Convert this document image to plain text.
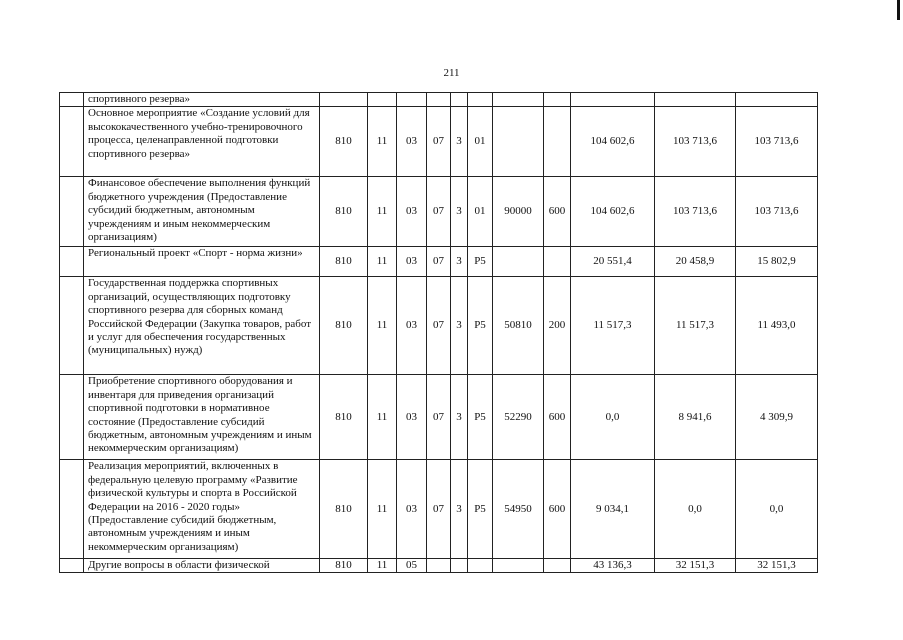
211
	спортивного резерва»											
	Основное мероприятие «Создание условий для высококачественного учебно-тренировочного процесса, целенаправленной подготовки спортивного резерва»	810	11	03	07	3	01			104 602,6	103 713,6	103 713,6
	Финансовое обеспечение выполнения функций бюджетного учреждения (Предоставление субсидий бюджетным, автономным учреждениям и иным некоммерческим организациям)	810	11	03	07	3	01	90000	600	104 602,6	103 713,6	103 713,6
	Региональный проект «Спорт - норма жизни»	810	11	03	07	3	P5			20 551,4	20 458,9	15 802,9
	Государственная поддержка спортивных организаций, осуществляющих подготовку спортивного резерва для сборных команд Российской Федерации (Закупка товаров, работ и услуг для обеспечения государственных (муниципальных) нужд)	810	11	03	07	3	P5	50810	200	11 517,3	11 517,3	11 493,0
	Приобретение спортивного оборудования и инвентаря для приведения организаций спортивной подготовки в нормативное состояние (Предоставление субсидий бюджетным, автономным учреждениям и иным некоммерческим организациям)	810	11	03	07	3	P5	52290	600	0,0	8 941,6	4 309,9
	Реализация мероприятий, включенных в федеральную целевую программу «Развитие физической культуры и спорта в Российской Федерации на 2016 - 2020 годы» (Предоставление субсидий бюджетным, автономным учреждениям и иным некоммерческим организациям)	810	11	03	07	3	P5	54950	600	9 034,1	0,0	0,0
	Другие вопросы в области физической	810	11	05						43 136,3	32 151,3	32 151,3
